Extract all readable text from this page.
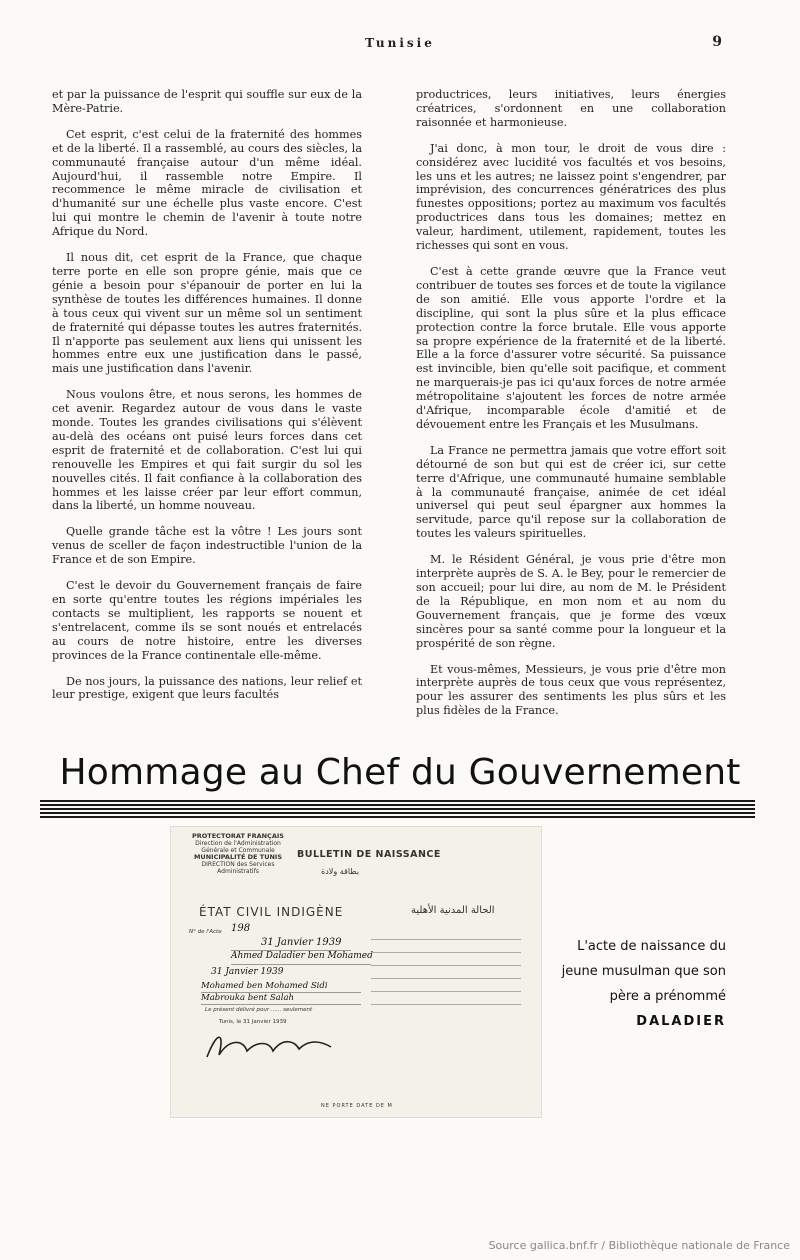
Tunisie	9

et par la puissance de l'esprit qui souffle sur eux de la Mère-Patrie.

Cet esprit, c'est celui de la fraternité des hommes et de la liberté. Il a rassemblé, au cours des siècles, la communauté française autour d'un même idéal. Aujourd'hui, il rassemble notre Empire. Il recommence le même miracle de civilisation et d'humanité sur une échelle plus vaste encore. C'est lui qui montre le chemin de l'avenir à toute notre Afrique du Nord.

Il nous dit, cet esprit de la France, que chaque terre porte en elle son propre génie, mais que ce génie a besoin pour s'épanouir de porter en lui la synthèse de toutes les différences humaines. Il donne à tous ceux qui vivent sur un même sol un sentiment de fraternité qui dépasse toutes les autres fraternités. Il n'apporte pas seulement aux liens qui unissent les hommes entre eux une justification dans le passé, mais une justification dans l'avenir.

Nous voulons être, et nous serons, les hommes de cet avenir. Regardez autour de vous dans le vaste monde. Toutes les grandes civilisations qui s'élèvent au-delà des océans ont puisé leurs forces dans cet esprit de fraternité et de collaboration. C'est lui qui renouvelle les Empires et qui fait surgir du sol les nouvelles cités. Il fait confiance à la collaboration des hommes et les laisse créer par leur effort commun, dans la liberté, un homme nouveau.

Quelle grande tâche est la vôtre ! Les jours sont venus de sceller de façon indestructible l'union de la France et de son Empire.

C'est le devoir du Gouvernement français de faire en sorte qu'entre toutes les régions impériales les contacts se multiplient, les rapports se nouent et s'entrelacent, comme ils se sont noués et entrelacés au cours de notre histoire, entre les diverses provinces de la France continentale elle-même.

De nos jours, la puissance des nations, leur relief et leur prestige, exigent que leurs facultés

productrices, leurs initiatives, leurs énergies créatrices, s'ordonnent en une collaboration raisonnée et harmonieuse.

J'ai donc, à mon tour, le droit de vous dire : considérez avec lucidité vos facultés et vos besoins, les uns et les autres; ne laissez point s'engendrer, par imprévision, des concurrences génératrices des plus funestes oppositions; portez au maximum vos facultés productrices dans tous les domaines; mettez en valeur, hardiment, utilement, rapidement, toutes les richesses qui sont en vous.

C'est à cette grande œuvre que la France veut contribuer de toutes ses forces et de toute la vigilance de son amitié. Elle vous apporte l'ordre et la discipline, qui sont la plus sûre et la plus efficace protection contre la force brutale. Elle vous apporte sa propre expérience de la fraternité et de la liberté. Elle a la force d'assurer votre sécurité. Sa puissance est invincible, bien qu'elle soit pacifique, et comment ne marquerais-je pas ici qu'aux forces de notre armée métropolitaine s'ajoutent les forces de notre armée d'Afrique, incomparable école d'amitié et de dévouement entre les Français et les Musulmans.

La France ne permettra jamais que votre effort soit détourné de son but qui est de créer ici, sur cette terre d'Afrique, une communauté humaine semblable à la communauté française, animée de cet idéal universel qui peut seul épargner aux hommes la servitude, parce qu'il repose sur la collaboration de toutes les valeurs spirituelles.

M. le Résident Général, je vous prie d'être mon interprète auprès de S. A. le Bey, pour le remercier de son accueil; pour lui dire, au nom de M. le Président de la République, en mon nom et au nom du Gouvernement français, que je forme des vœux sincères pour sa santé comme pour la longueur et la prospérité de son règne.

Et vous-mêmes, Messieurs, je vous prie d'être mon interprète auprès de tous ceux que vous représentez, pour les assurer des sentiments les plus sûrs et les plus fidèles de la France.

Hommage au Chef du Gouvernement
PROTECTORAT FRANÇAIS
Direction de l'Administration Générale et Communale
MUNICIPALITÉ DE TUNIS
DIRECTION des Services Administratifs
BULLETIN DE NAISSANCE
بطاقة ولادة
ÉTAT CIVIL INDIGÈNE	الحالة المدنية الأهلية
N° de l'Acte 198
31 Janvier 1939
Ahmed Daladier ben Mohamed
31 Janvier 1939
Mohamed ben Mohamed Sidi
Mabrouka bent Salah
Le présent délivré pour ...... seulement
Tunis, le 31 Janvier 1939
NE PORTE DATE DE M
L'acte de naissance du
jeune musulman que son
père a prénommé
DALADIER
Source gallica.bnf.fr / Bibliothèque nationale de France
